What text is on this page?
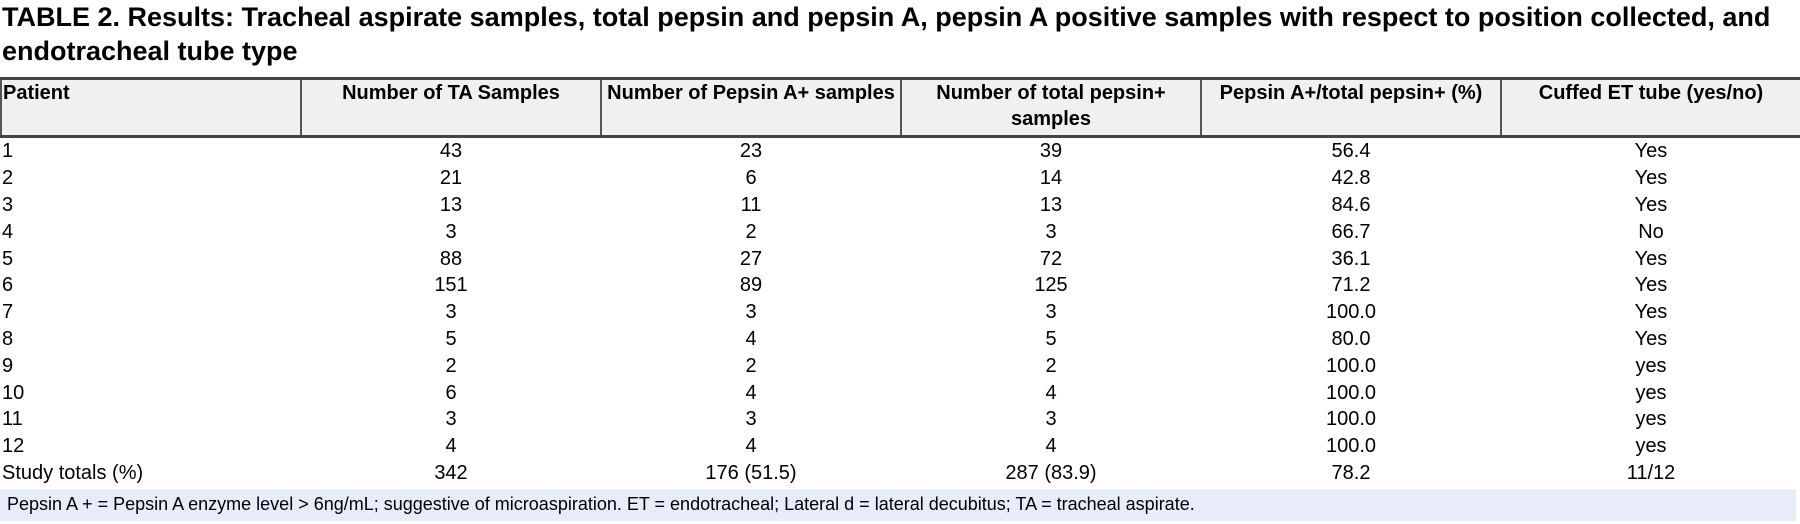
TABLE 2. Results: Tracheal aspirate samples, total pepsin and pepsin A, pepsin A positive samples with respect to position collected, and endotracheal tube type
Patient	Number of TA Samples	Number of Pepsin A+ samples	Number of total pepsin+ samples	Pepsin A+/total pepsin+ (%)	Cuffed ET tube (yes/no)
1	43	23	39	56.4	Yes
2	21	6	14	42.8	Yes
3	13	11	13	84.6	Yes
4	3	2	3	66.7	No
5	88	27	72	36.1	Yes
6	151	89	125	71.2	Yes
7	3	3	3	100.0	Yes
8	5	4	5	80.0	Yes
9	2	2	2	100.0	yes
10	6	4	4	100.0	yes
11	3	3	3	100.0	yes
12	4	4	4	100.0	yes
Study totals (%)	342	176 (51.5)	287 (83.9)	78.2	11/12
Pepsin A + = Pepsin A enzyme level > 6ng/mL; suggestive of microaspiration. ET = endotracheal; Lateral d = lateral decubitus; TA = tracheal aspirate.
